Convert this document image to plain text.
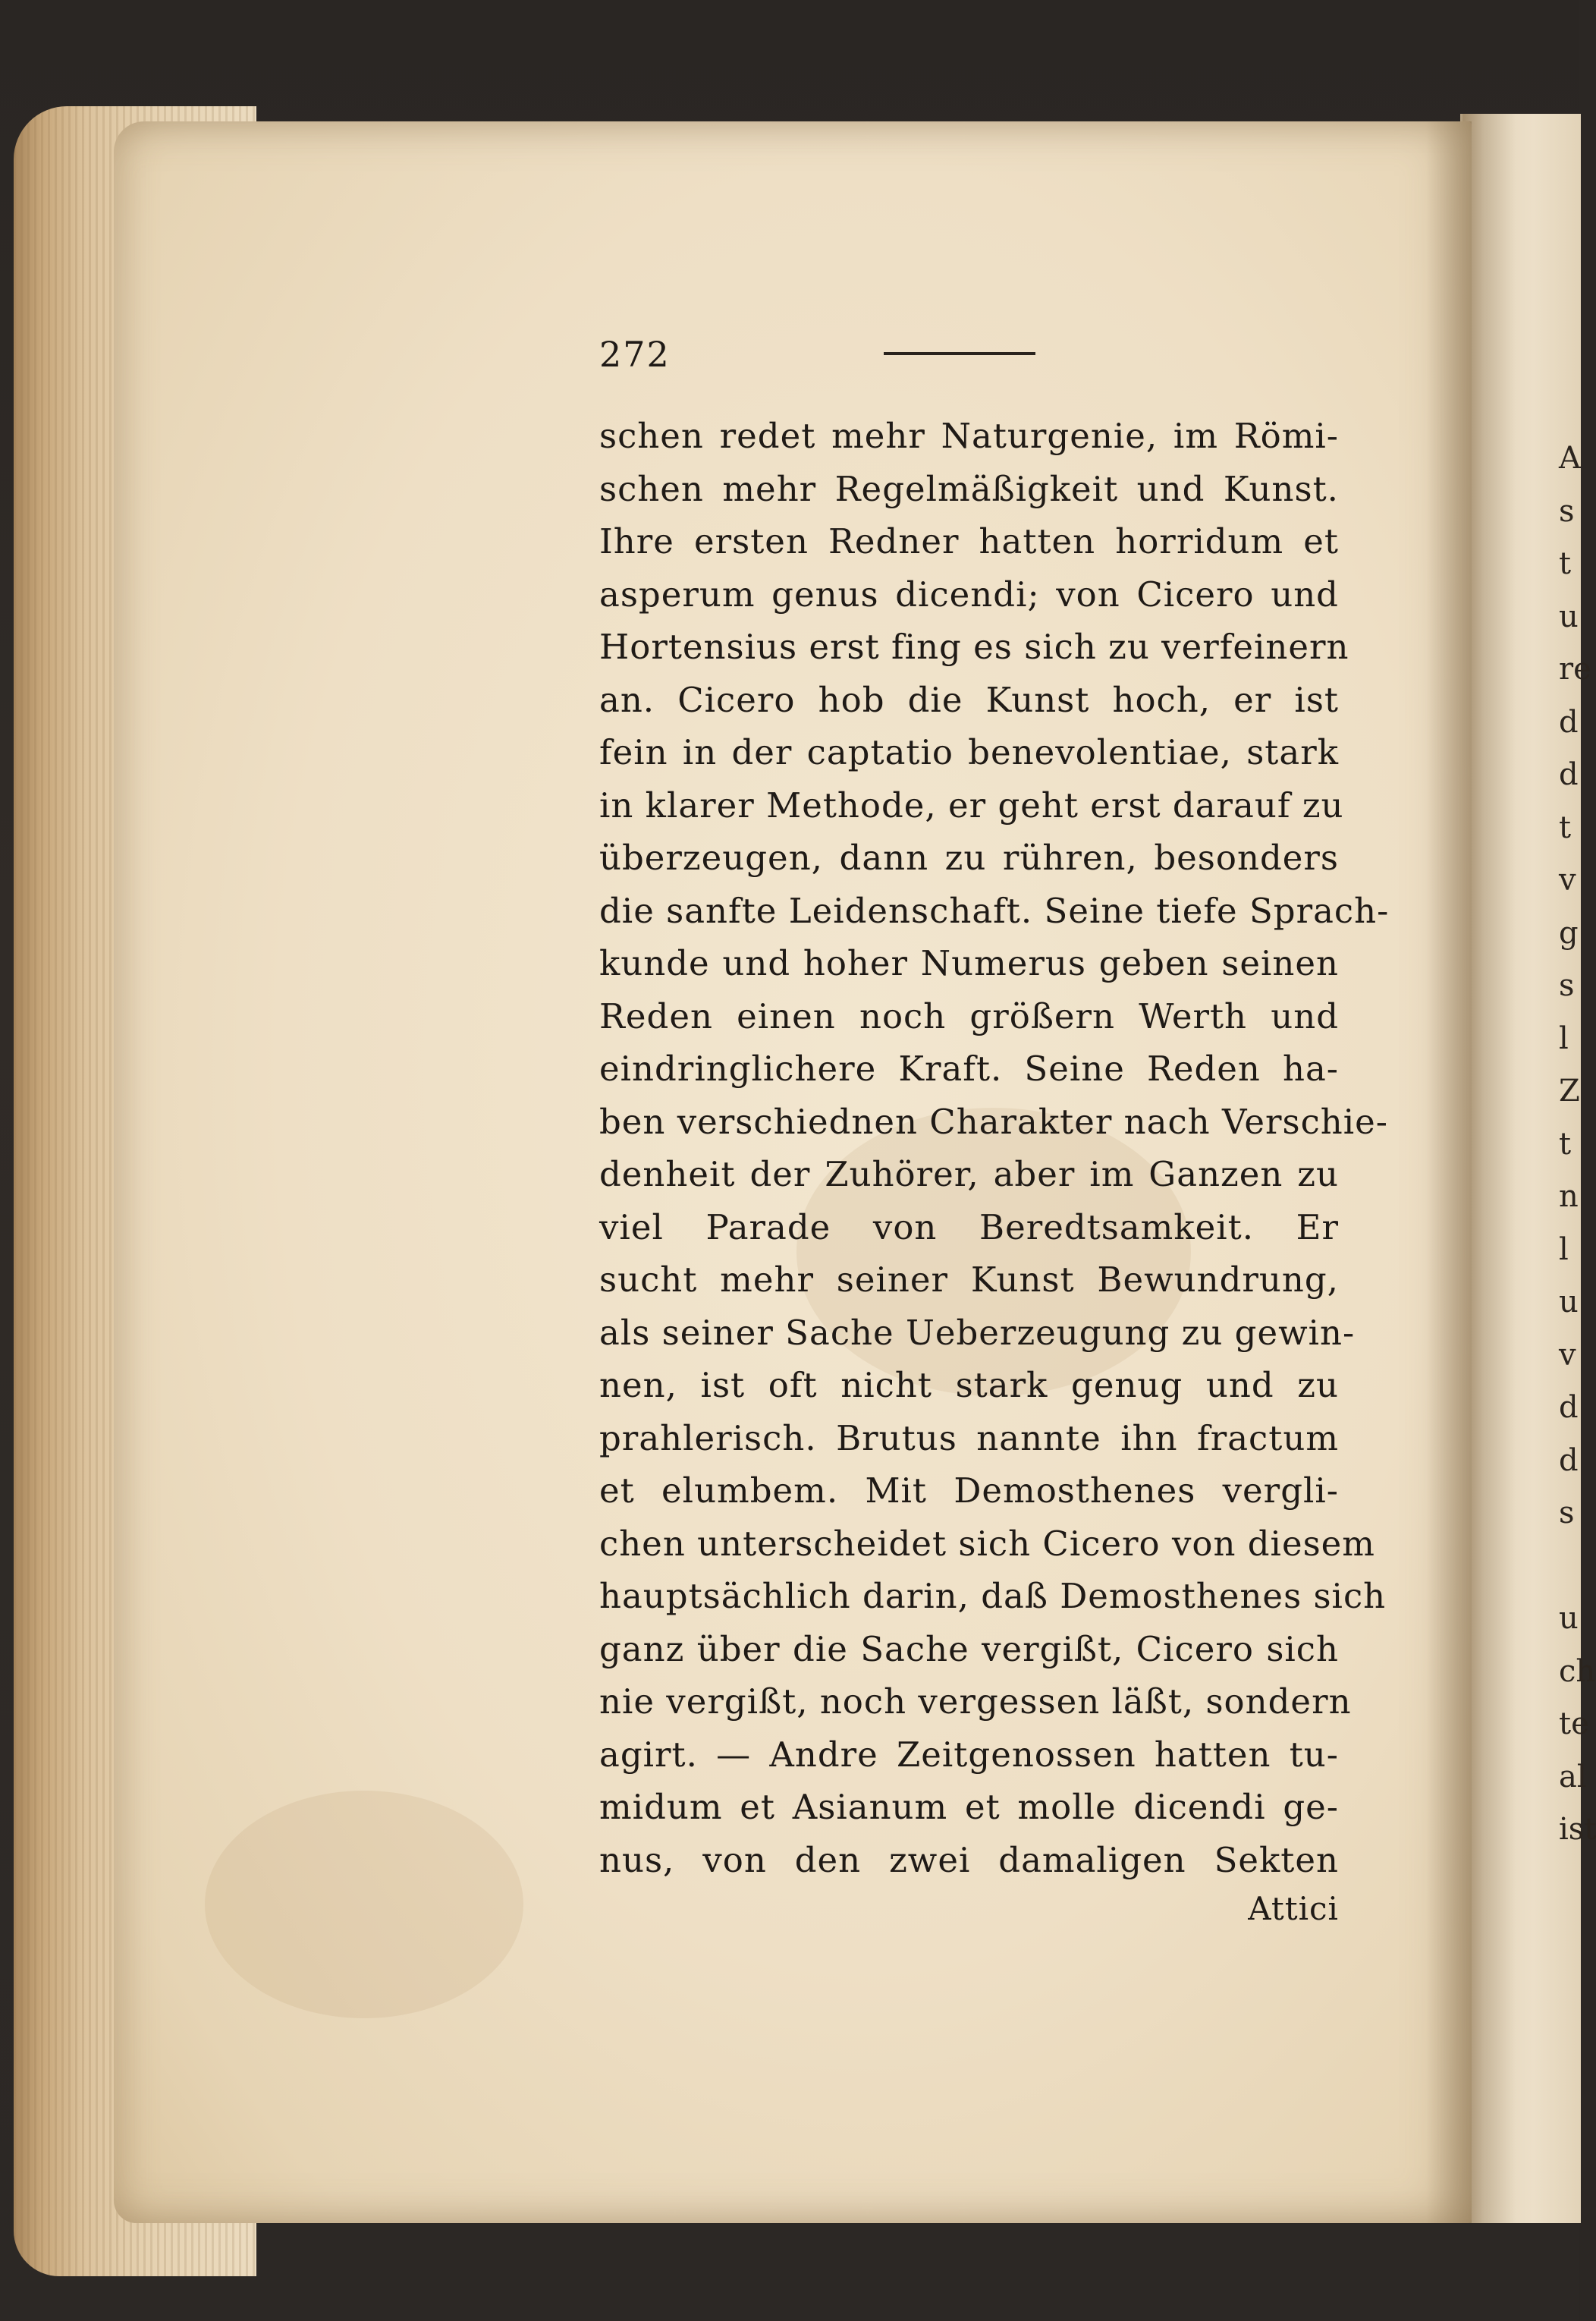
272
schen redet mehr Naturgenie, im Römi-
schen mehr Regelmäßigkeit und Kunst.
Ihre ersten Redner hatten horridum et
asperum genus dicendi; von Cicero und
Hortensius erst fing es sich zu verfeinern
an. Cicero hob die Kunst hoch, er ist
fein in der captatio benevolentiae, stark
in klarer Methode, er geht erst darauf zu
überzeugen, dann zu rühren, besonders
die sanfte Leidenschaft. Seine tiefe Sprach-
kunde und hoher Numerus geben seinen
Reden einen noch größern Werth und
eindringlichere Kraft. Seine Reden ha-
ben verschiednen Charakter nach Verschie-
denheit der Zuhörer, aber im Ganzen zu
viel Parade von Beredtsamkeit. Er
sucht mehr seiner Kunst Bewundrung,
als seiner Sache Ueberzeugung zu gewin-
nen, ist oft nicht stark genug und zu
prahlerisch. Brutus nannte ihn fractum
et elumbem. Mit Demosthenes vergli-
chen unterscheidet sich Cicero von diesem
hauptsächlich darin, daß Demosthenes sich
ganz über die Sache vergißt, Cicero sich
nie vergißt, noch vergessen läßt, sondern
agirt. — Andre Zeitgenossen hatten tu-
midum et Asianum et molle dicendi ge-
nus, von den zwei damaligen Sekten
Attici
A
s
t
u
re
d
d
t
v
g
s
l
Z
t
n
l
u
v
d
d
s
u
ch
te
al
ist
